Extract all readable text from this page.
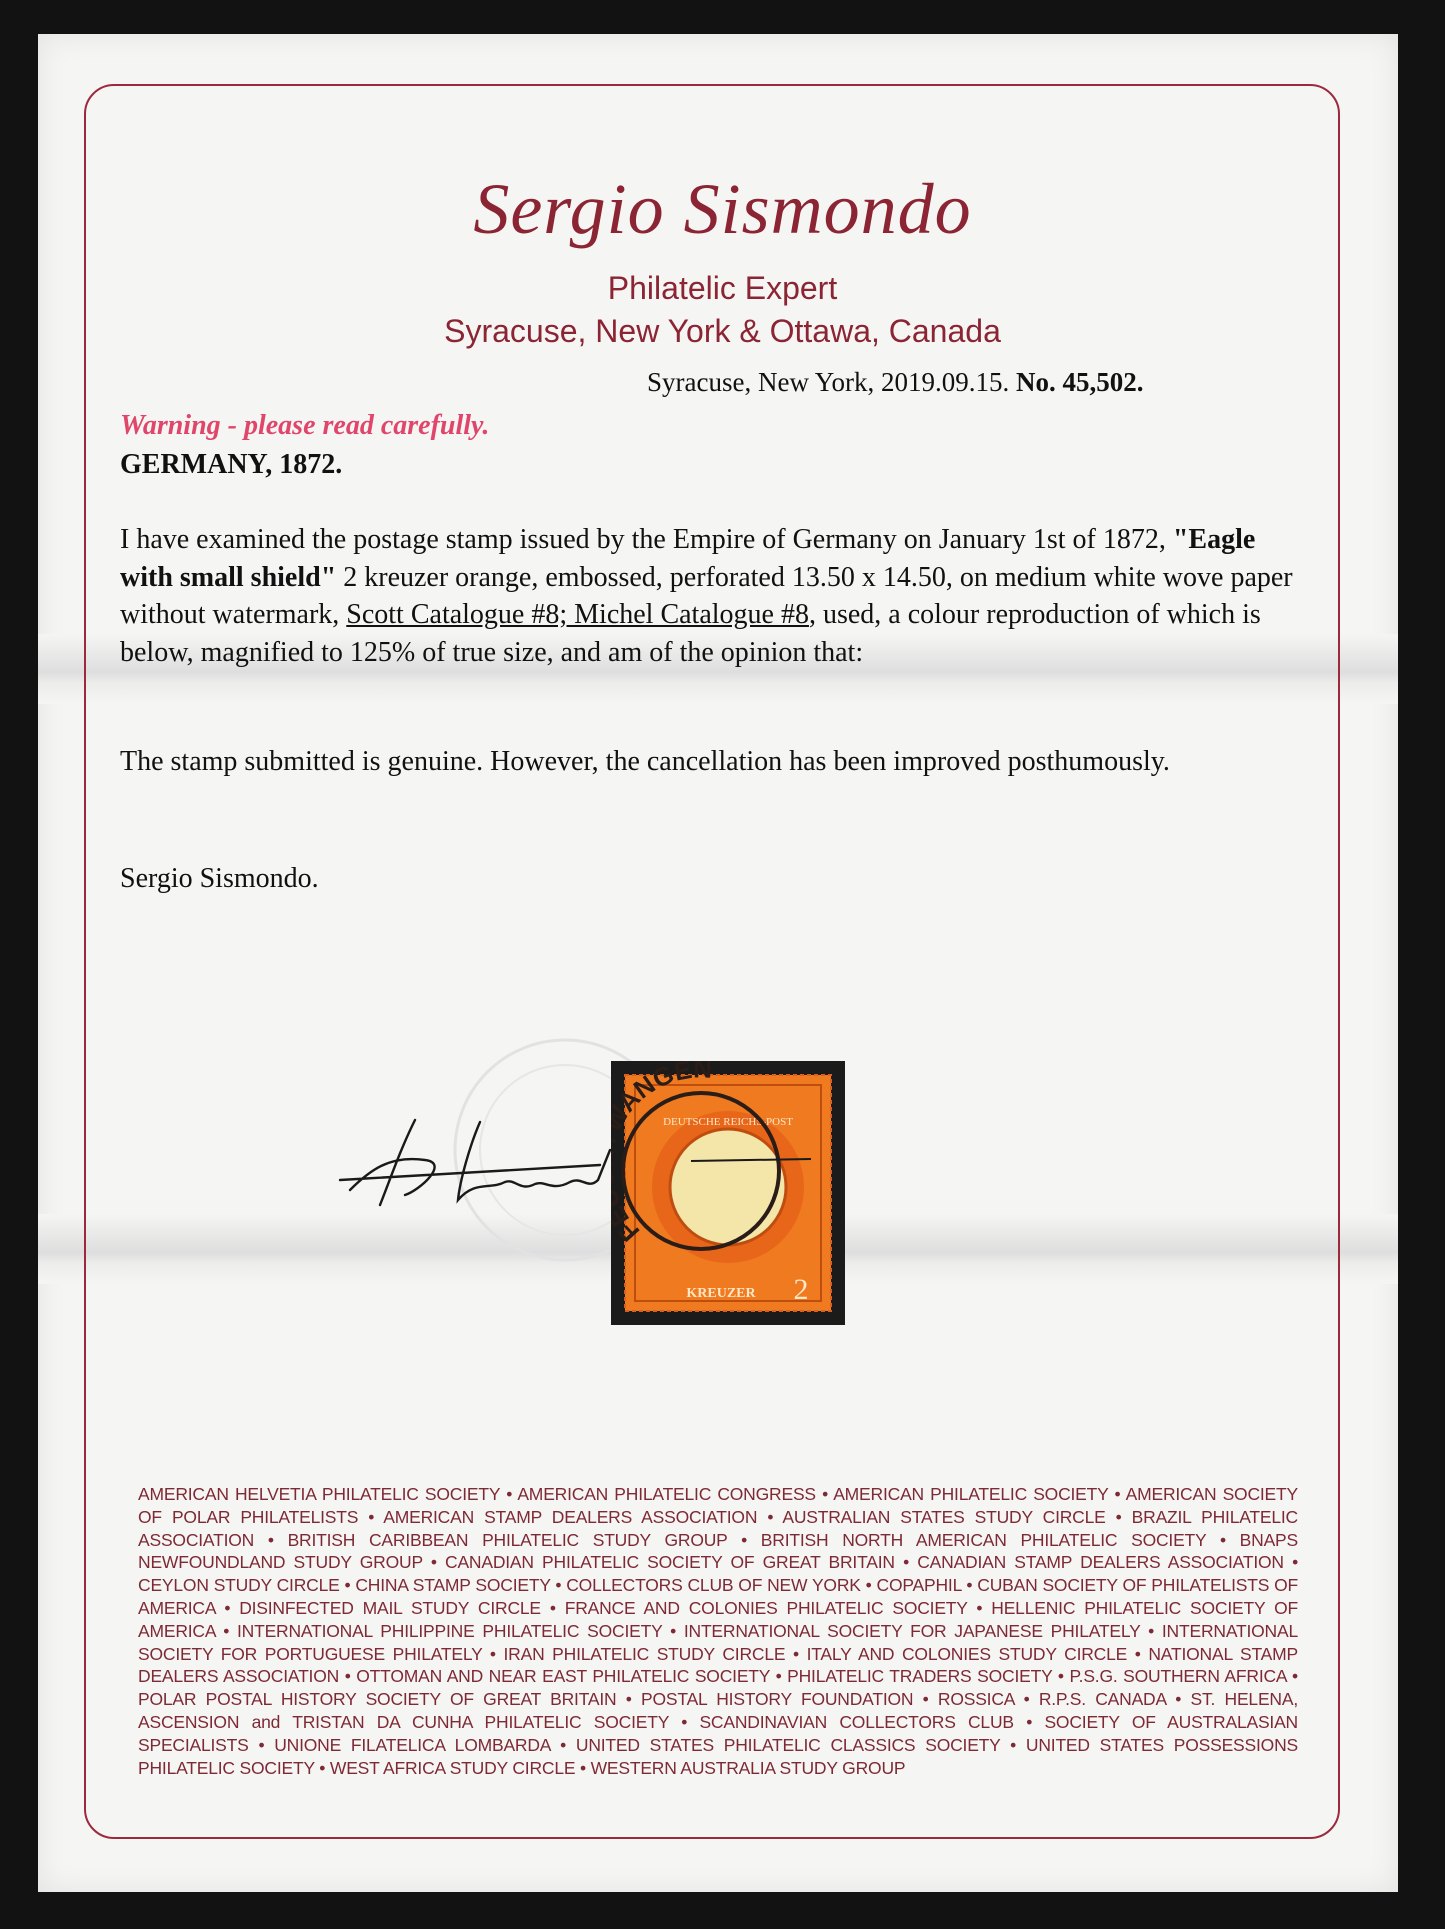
Sergio Sismondo
Philatelic Expert
Syracuse, New York & Ottawa, Canada
Syracuse, New York, 2019.09.15. No. 45,502.
Warning - please read carefully.
GERMANY, 1872.
I have examined the postage stamp issued by the Empire of Germany on January 1st of 1872, "Eagle with small shield" 2 kreuzer orange, embossed, perforated 13.50 x 14.50, on medium white wove paper without watermark, Scott Catalogue #8; Michel Catalogue #8, used, a colour reproduction of which is below, magnified to 125% of true size, and am of the opinion that:
The stamp submitted is genuine. However, the cancellation has been improved posthumously.
Sergio Sismondo.
DEUTSCHE REICHS-POST
KREUZER 2
F ANGEN
AMERICAN HELVETIA PHILATELIC SOCIETY • AMERICAN PHILATELIC CONGRESS • AMERICAN PHILATELIC SOCIETY • AMERICAN SOCIETY OF POLAR PHILATELISTS • AMERICAN STAMP DEALERS ASSOCIATION • AUSTRALIAN STATES STUDY CIRCLE • BRAZIL PHILATELIC ASSOCIATION • BRITISH CARIBBEAN PHILATELIC STUDY GROUP • BRITISH NORTH AMERICAN PHILATELIC SOCIETY • BNAPS NEWFOUNDLAND STUDY GROUP • CANADIAN PHILATELIC SOCIETY OF GREAT BRITAIN • CANADIAN STAMP DEALERS ASSOCIATION • CEYLON STUDY CIRCLE • CHINA STAMP SOCIETY • COLLECTORS CLUB OF NEW YORK • COPAPHIL • CUBAN SOCIETY OF PHILATELISTS OF AMERICA • DISINFECTED MAIL STUDY CIRCLE • FRANCE AND COLONIES PHILATELIC SOCIETY • HELLENIC PHILATELIC SOCIETY OF AMERICA • INTERNATIONAL PHILIPPINE PHILATELIC SOCIETY • INTERNATIONAL SOCIETY FOR JAPANESE PHILATELY • INTERNATIONAL SOCIETY FOR PORTUGUESE PHILATELY • IRAN PHILATELIC STUDY CIRCLE • ITALY AND COLONIES STUDY CIRCLE • NATIONAL STAMP DEALERS ASSOCIATION • OTTOMAN AND NEAR EAST PHILATELIC SOCIETY • PHILATELIC TRADERS SOCIETY • P.S.G. SOUTHERN AFRICA • POLAR POSTAL HISTORY SOCIETY OF GREAT BRITAIN • POSTAL HISTORY FOUNDATION • ROSSICA • R.P.S. CANADA • ST. HELENA, ASCENSION and TRISTAN DA CUNHA PHILATELIC SOCIETY • SCANDINAVIAN COLLECTORS CLUB • SOCIETY OF AUSTRALASIAN SPECIALISTS • UNIONE FILATELICA LOMBARDA • UNITED STATES PHILATELIC CLASSICS SOCIETY • UNITED STATES POSSESSIONS PHILATELIC SOCIETY • WEST AFRICA STUDY CIRCLE • WESTERN AUSTRALIA STUDY GROUP
